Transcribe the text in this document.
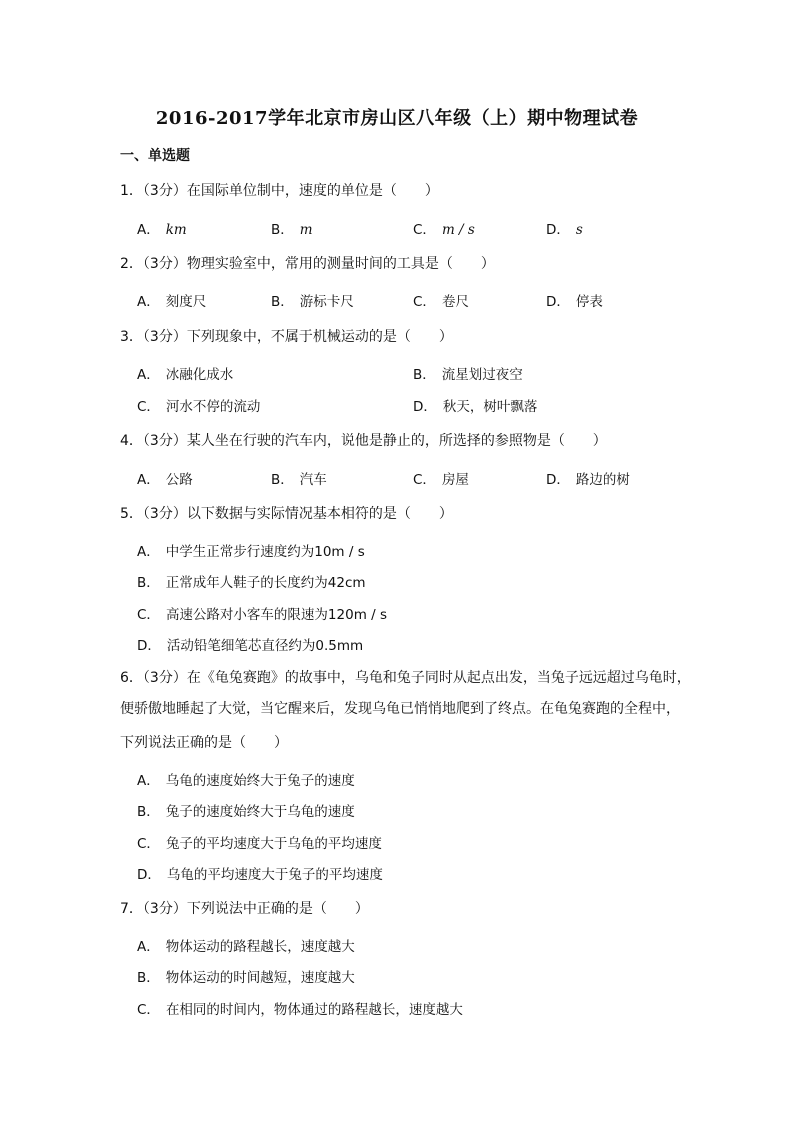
2016-2017学年北京市房山区八年级（上）期中物理试卷
一、单选题
1．（3分）在国际单位制中，速度的单位是（　　）
A． km	B． m	C． m / s	D． s
2．（3分）物理实验室中，常用的测量时间的工具是（　　）
A． 刻度尺	B． 游标卡尺	C． 卷尺	D． 停表
3．（3分）下列现象中，不属于机械运动的是（　　）
A． 冰融化成水	B． 流星划过夜空
C． 河水不停的流动	D． 秋天，树叶飘落
4．（3分）某人坐在行驶的汽车内，说他是静止的，所选择的参照物是（　　）
A． 公路	B． 汽车	C． 房屋	D． 路边的树
5．（3分）以下数据与实际情况基本相符的是（　　）
A． 中学生正常步行速度约为10m / s
B． 正常成年人鞋子的长度约为42cm
C． 高速公路对小客车的限速为120m / s
D． 活动铅笔细笔芯直径约为0.5mm
6．（3分）在《龟兔赛跑》的故事中，乌龟和兔子同时从起点出发，当兔子远远超过乌龟时，
便骄傲地睡起了大觉，当它醒来后，发现乌龟已悄悄地爬到了终点。在龟兔赛跑的全程中，
下列说法正确的是（　　）
A． 乌龟的速度始终大于兔子的速度
B． 兔子的速度始终大于乌龟的速度
C． 兔子的平均速度大于乌龟的平均速度
D． 乌龟的平均速度大于兔子的平均速度
7．（3分）下列说法中正确的是（　　）
A． 物体运动的路程越长，速度越大
B． 物体运动的时间越短，速度越大
C． 在相同的时间内，物体通过的路程越长，速度越大
